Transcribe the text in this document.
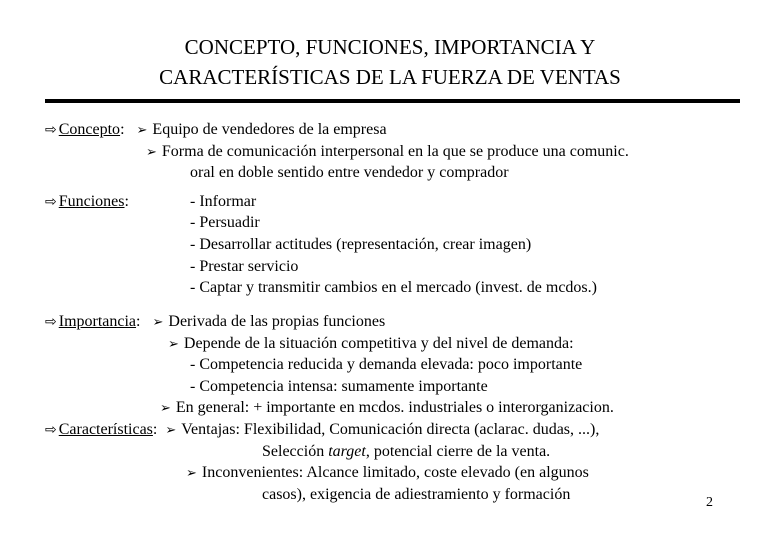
CONCEPTO, FUNCIONES, IMPORTANCIA Y
CARACTERÍSTICAS DE LA FUERZA DE VENTAS
⇨ Concepto: ➢ Equipo de vendedores de la empresa
➢ Forma de comunicación interpersonal en la que se produce una comunic.
oral en doble sentido entre vendedor y comprador
⇨ Funciones:	- Informar
- Persuadir
- Desarrollar actitudes (representación, crear imagen)
- Prestar servicio
- Captar y transmitir cambios en el mercado (invest. de mcdos.)
⇨ Importancia: ➢ Derivada de las propias funciones
➢ Depende de la situación competitiva y del nivel de demanda:
- Competencia reducida y demanda elevada: poco importante
- Competencia intensa: sumamente importante
➢ En general: + importante en mcdos. industriales o interorganizacion.
⇨ Características: ➢ Ventajas: Flexibilidad, Comunicación directa (aclarac. dudas, ...),
Selección target, potencial cierre de la venta.
➢ Inconvenientes: Alcance limitado, coste elevado (en algunos
casos), exigencia de adiestramiento y formación	2
